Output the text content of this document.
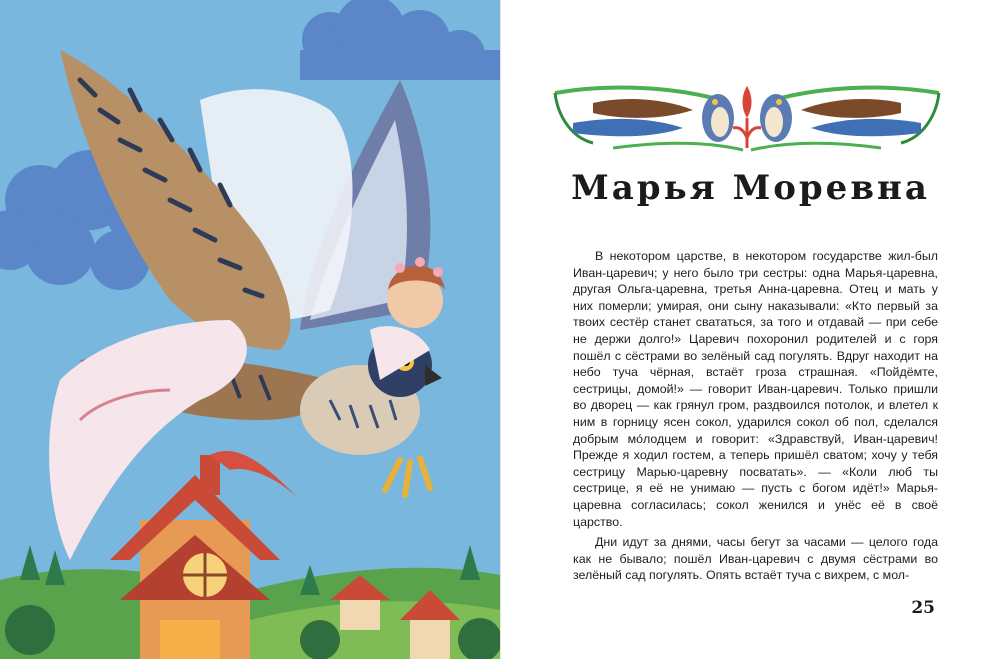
Марья Моревна

В некотором царстве, в некотором государстве жил-был Иван-царевич; у него было три сестры: одна Марья-царевна, другая Ольга-царевна, третья Анна-царевна. Отец и мать у них померли; умирая, они сыну наказывали: «Кто первый за твоих сестёр станет свататься, за того и отдавай — при себе не держи долго!» Царевич похоронил родителей и с горя пошёл с сёстрами во зелёный сад погулять. Вдруг находит на небо туча чёрная, встаёт гроза страшная. «Пойдёмте, сестрицы, домой!» — говорит Иван-царевич. Только пришли во дворец — как грянул гром, раздвоился потолок, и влетел к ним в горницу ясен сокол, ударился сокол об пол, сделался добрым мо́лодцем и говорит: «Здравствуй, Иван-царевич! Прежде я ходил гостем, а теперь пришёл сватом; хочу у тебя сестрицу Марью-царевну посватать». — «Коли люб ты сестрице, я её не унимаю — пусть с богом идёт!» Марья-царевна согласилась; сокол женился и унёс её в своё царство.

Дни идут за днями, часы бегут за часами — целого года как не бывало; пошёл Иван-царевич с двумя сёстрами во зелёный сад погулять. Опять встаёт туча с вихрем, с мол-

25
